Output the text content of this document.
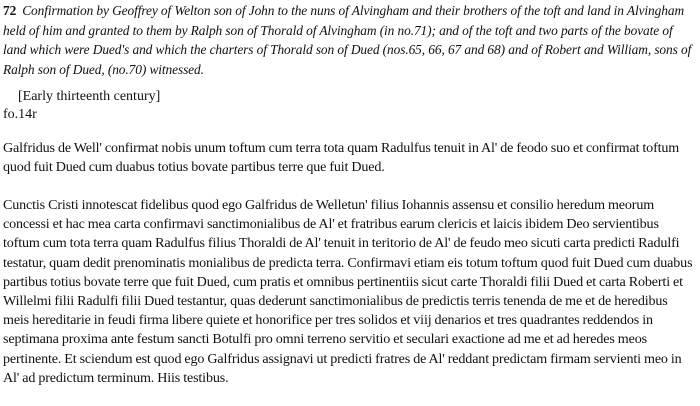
72 Confirmation by Geoffrey of Welton son of John to the nuns of Alvingham and their brothers of the toft and land in Alvingham held of him and granted to them by Ralph son of Thorald of Alvingham (in no.71); and of the toft and two parts of the bovate of land which were Dued's and which the charters of Thorald son of Dued (nos.65, 66, 67 and 68) and of Robert and William, sons of Ralph son of Dued, (no.70) witnessed.
[Early thirteenth century]
fo.14r
Galfridus de Well' confirmat nobis unum toftum cum terra tota quam Radulfus tenuit in Al' de feodo suo et confirmat toftum quod fuit Dued cum duabus totius bovate partibus terre que fuit Dued.
Cunctis Cristi innotescat fidelibus quod ego Galfridus de Welletun' filius Iohannis assensu et consilio heredum meorum concessi et hac mea carta confirmavi sanctimonialibus de Al' et fratribus earum clericis et laicis ibidem Deo servientibus toftum cum tota terra quam Radulfus filius Thoraldi de Al' tenuit in teritorio de Al' de feudo meo sicuti carta predicti Radulfi testatur, quam dedit prenominatis monialibus de predicta terra. Confirmavi etiam eis totum toftum quod fuit Dued cum duabus partibus totius bovate terre que fuit Dued, cum pratis et omnibus pertinentiis sicut carte Thoraldi filii Dued et carta Roberti et Willelmi filii Radulfi filii Dued testantur, quas dederunt sanctimonialibus de predictis terris tenenda de me et de heredibus meis hereditarie in feudi firma libere quiete et honorifice per tres solidos et viij denarios et tres quadrantes reddendos in septimana proxima ante festum sancti Botulfi pro omni terreno servitio et seculari exactione ad me et ad heredes meos pertinente. Et sciendum est quod ego Galfridus assignavi ut predicti fratres de Al' reddant predictam firmam servienti meo in Al' ad predictum terminum. Hiis testibus.
